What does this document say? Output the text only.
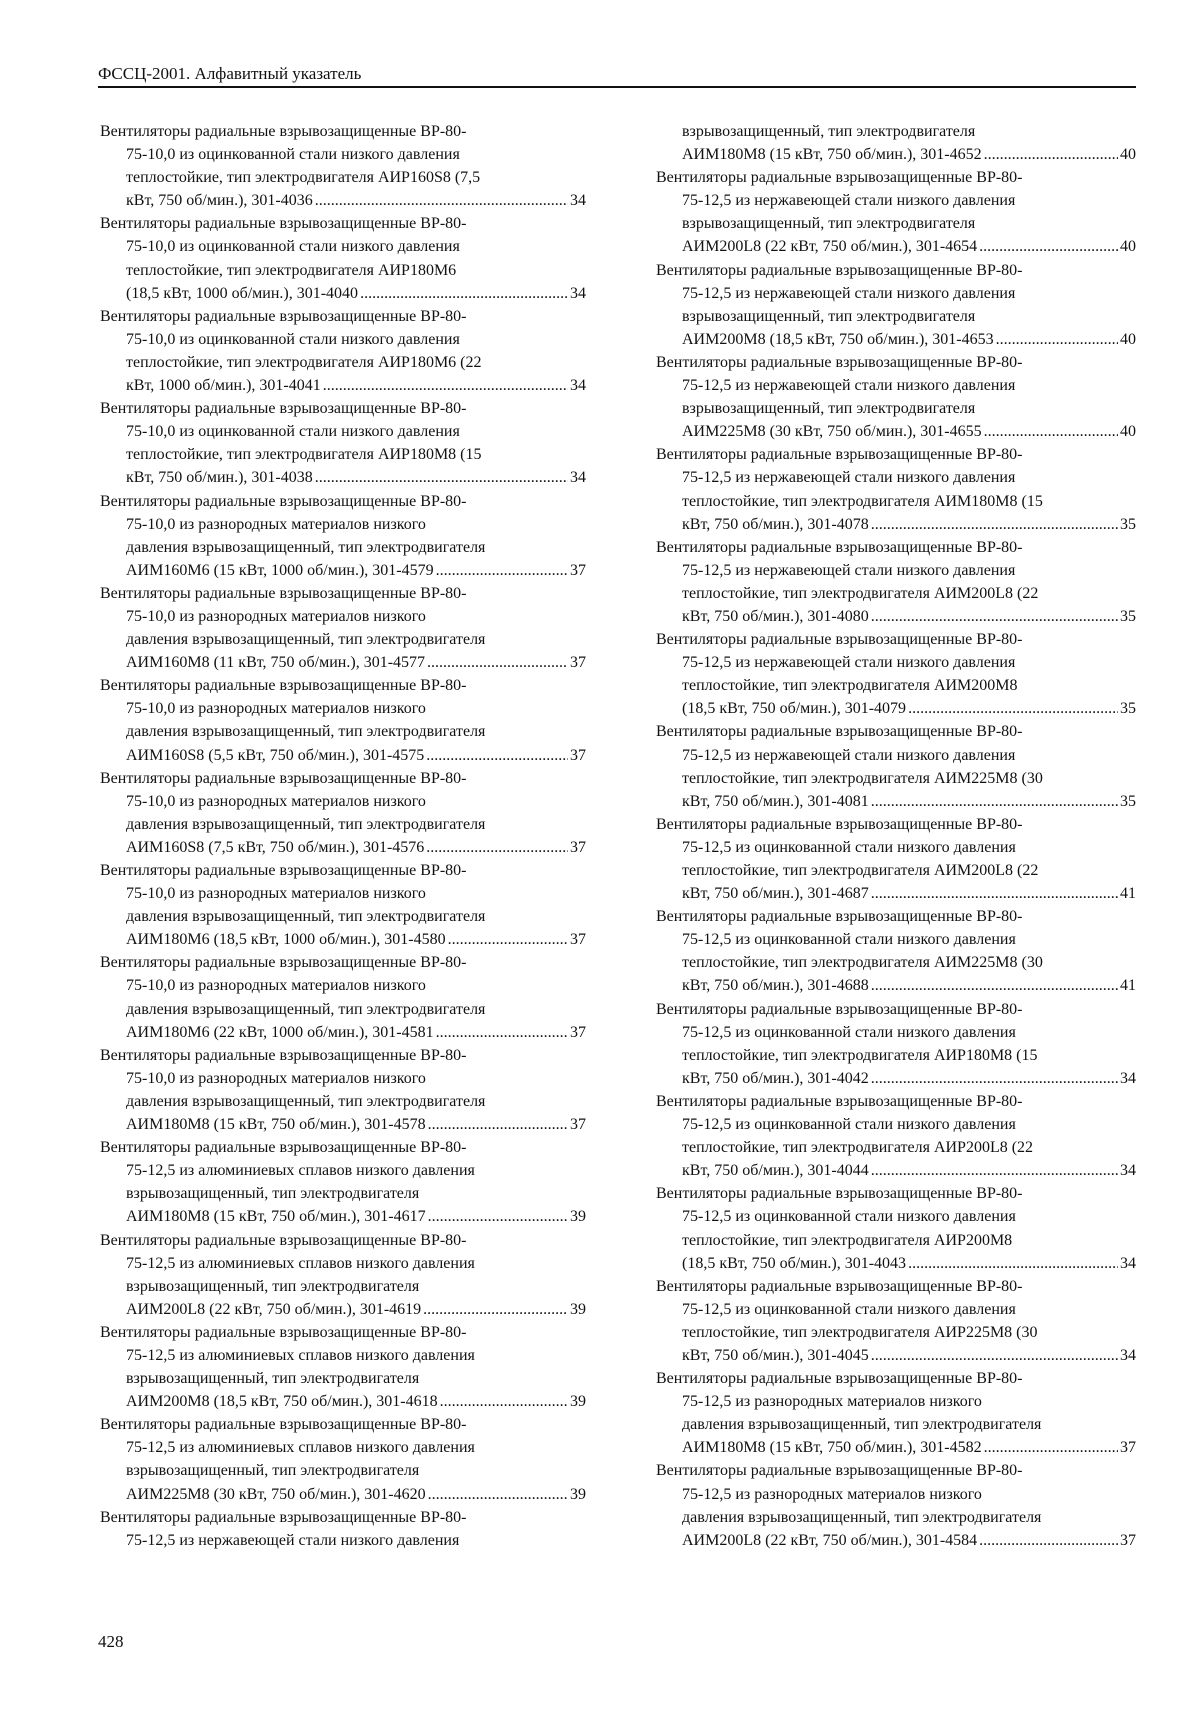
ФССЦ-2001. Алфавитный указатель

Вентиляторы радиальные взрывозащищенные ВР-80-
75-10,0 из оцинкованной стали низкого давления
теплостойкие, тип электродвигателя АИР160S8 (7,5
кВт, 750 об/мин.), 301-4036 . . .	34

Вентиляторы радиальные взрывозащищенные ВР-80-
75-10,0 из оцинкованной стали низкого давления
теплостойкие, тип электродвигателя АИР180М6
(18,5 кВт, 1000 об/мин.), 301-4040 . . .	34

Вентиляторы радиальные взрывозащищенные ВР-80-
75-10,0 из оцинкованной стали низкого давления
теплостойкие, тип электродвигателя АИР180М6 (22
кВт, 1000 об/мин.), 301-4041 . . .	34

Вентиляторы радиальные взрывозащищенные ВР-80-
75-10,0 из оцинкованной стали низкого давления
теплостойкие, тип электродвигателя АИР180М8 (15
кВт, 750 об/мин.), 301-4038 . . .	34

Вентиляторы радиальные взрывозащищенные ВР-80-
75-10,0 из разнородных материалов низкого
давления взрывозащищенный, тип электродвигателя
АИМ160М6 (15 кВт, 1000 об/мин.), 301-4579 . . .	37

Вентиляторы радиальные взрывозащищенные ВР-80-
75-10,0 из разнородных материалов низкого
давления взрывозащищенный, тип электродвигателя
АИМ160М8 (11 кВт, 750 об/мин.), 301-4577 . . .	37

Вентиляторы радиальные взрывозащищенные ВР-80-
75-10,0 из разнородных материалов низкого
давления взрывозащищенный, тип электродвигателя
АИМ160S8 (5,5 кВт, 750 об/мин.), 301-4575 . . .	37

Вентиляторы радиальные взрывозащищенные ВР-80-
75-10,0 из разнородных материалов низкого
давления взрывозащищенный, тип электродвигателя
АИМ160S8 (7,5 кВт, 750 об/мин.), 301-4576 . . .	37

Вентиляторы радиальные взрывозащищенные ВР-80-
75-10,0 из разнородных материалов низкого
давления взрывозащищенный, тип электродвигателя
АИМ180М6 (18,5 кВт, 1000 об/мин.), 301-4580 . . .	37

Вентиляторы радиальные взрывозащищенные ВР-80-
75-10,0 из разнородных материалов низкого
давления взрывозащищенный, тип электродвигателя
АИМ180М6 (22 кВт, 1000 об/мин.), 301-4581 . . .	37

Вентиляторы радиальные взрывозащищенные ВР-80-
75-10,0 из разнородных материалов низкого
давления взрывозащищенный, тип электродвигателя
АИМ180М8 (15 кВт, 750 об/мин.), 301-4578 . . .	37

Вентиляторы радиальные взрывозащищенные ВР-80-
75-12,5 из алюминиевых сплавов низкого давления
взрывозащищенный, тип электродвигателя
АИМ180М8 (15 кВт, 750 об/мин.), 301-4617 . . .	39

Вентиляторы радиальные взрывозащищенные ВР-80-
75-12,5 из алюминиевых сплавов низкого давления
взрывозащищенный, тип электродвигателя
АИМ200L8 (22 кВт, 750 об/мин.), 301-4619 . . .	39

Вентиляторы радиальные взрывозащищенные ВР-80-
75-12,5 из алюминиевых сплавов низкого давления
взрывозащищенный, тип электродвигателя
АИМ200М8 (18,5 кВт, 750 об/мин.), 301-4618 . . .	39

Вентиляторы радиальные взрывозащищенные ВР-80-
75-12,5 из алюминиевых сплавов низкого давления
взрывозащищенный, тип электродвигателя
АИМ225М8 (30 кВт, 750 об/мин.), 301-4620 . . .	39

Вентиляторы радиальные взрывозащищенные ВР-80-
75-12,5 из нержавеющей стали низкого давления

взрывозащищенный, тип электродвигателя
АИМ180М8 (15 кВт, 750 об/мин.), 301-4652 . . .	40

Вентиляторы радиальные взрывозащищенные ВР-80-
75-12,5 из нержавеющей стали низкого давления
взрывозащищенный, тип электродвигателя
АИМ200L8 (22 кВт, 750 об/мин.), 301-4654 . . .	40

Вентиляторы радиальные взрывозащищенные ВР-80-
75-12,5 из нержавеющей стали низкого давления
взрывозащищенный, тип электродвигателя
АИМ200М8 (18,5 кВт, 750 об/мин.), 301-4653 . . .	40

Вентиляторы радиальные взрывозащищенные ВР-80-
75-12,5 из нержавеющей стали низкого давления
взрывозащищенный, тип электродвигателя
АИМ225М8 (30 кВт, 750 об/мин.), 301-4655 . . .	40

Вентиляторы радиальные взрывозащищенные ВР-80-
75-12,5 из нержавеющей стали низкого давления
теплостойкие, тип электродвигателя АИМ180М8 (15
кВт, 750 об/мин.), 301-4078 . . .	35

Вентиляторы радиальные взрывозащищенные ВР-80-
75-12,5 из нержавеющей стали низкого давления
теплостойкие, тип электродвигателя АИМ200L8 (22
кВт, 750 об/мин.), 301-4080 . . .	35

Вентиляторы радиальные взрывозащищенные ВР-80-
75-12,5 из нержавеющей стали низкого давления
теплостойкие, тип электродвигателя АИМ200М8
(18,5 кВт, 750 об/мин.), 301-4079 . . .	35

Вентиляторы радиальные взрывозащищенные ВР-80-
75-12,5 из нержавеющей стали низкого давления
теплостойкие, тип электродвигателя АИМ225М8 (30
кВт, 750 об/мин.), 301-4081 . . .	35

Вентиляторы радиальные взрывозащищенные ВР-80-
75-12,5 из оцинкованной стали низкого давления
теплостойкие, тип электродвигателя АИМ200L8 (22
кВт, 750 об/мин.), 301-4687 . . .	41

Вентиляторы радиальные взрывозащищенные ВР-80-
75-12,5 из оцинкованной стали низкого давления
теплостойкие, тип электродвигателя АИМ225М8 (30
кВт, 750 об/мин.), 301-4688 . . .	41

Вентиляторы радиальные взрывозащищенные ВР-80-
75-12,5 из оцинкованной стали низкого давления
теплостойкие, тип электродвигателя АИР180М8 (15
кВт, 750 об/мин.), 301-4042 . . .	34

Вентиляторы радиальные взрывозащищенные ВР-80-
75-12,5 из оцинкованной стали низкого давления
теплостойкие, тип электродвигателя АИР200L8 (22
кВт, 750 об/мин.), 301-4044 . . .	34

Вентиляторы радиальные взрывозащищенные ВР-80-
75-12,5 из оцинкованной стали низкого давления
теплостойкие, тип электродвигателя АИР200М8
(18,5 кВт, 750 об/мин.), 301-4043 . . .	34

Вентиляторы радиальные взрывозащищенные ВР-80-
75-12,5 из оцинкованной стали низкого давления
теплостойкие, тип электродвигателя АИР225М8 (30
кВт, 750 об/мин.), 301-4045 . . .	34

Вентиляторы радиальные взрывозащищенные ВР-80-
75-12,5 из разнородных материалов низкого
давления взрывозащищенный, тип электродвигателя
АИМ180М8 (15 кВт, 750 об/мин.), 301-4582 . . .	37

Вентиляторы радиальные взрывозащищенные ВР-80-
75-12,5 из разнородных материалов низкого
давления взрывозащищенный, тип электродвигателя
АИМ200L8 (22 кВт, 750 об/мин.), 301-4584 . . .	37

428
